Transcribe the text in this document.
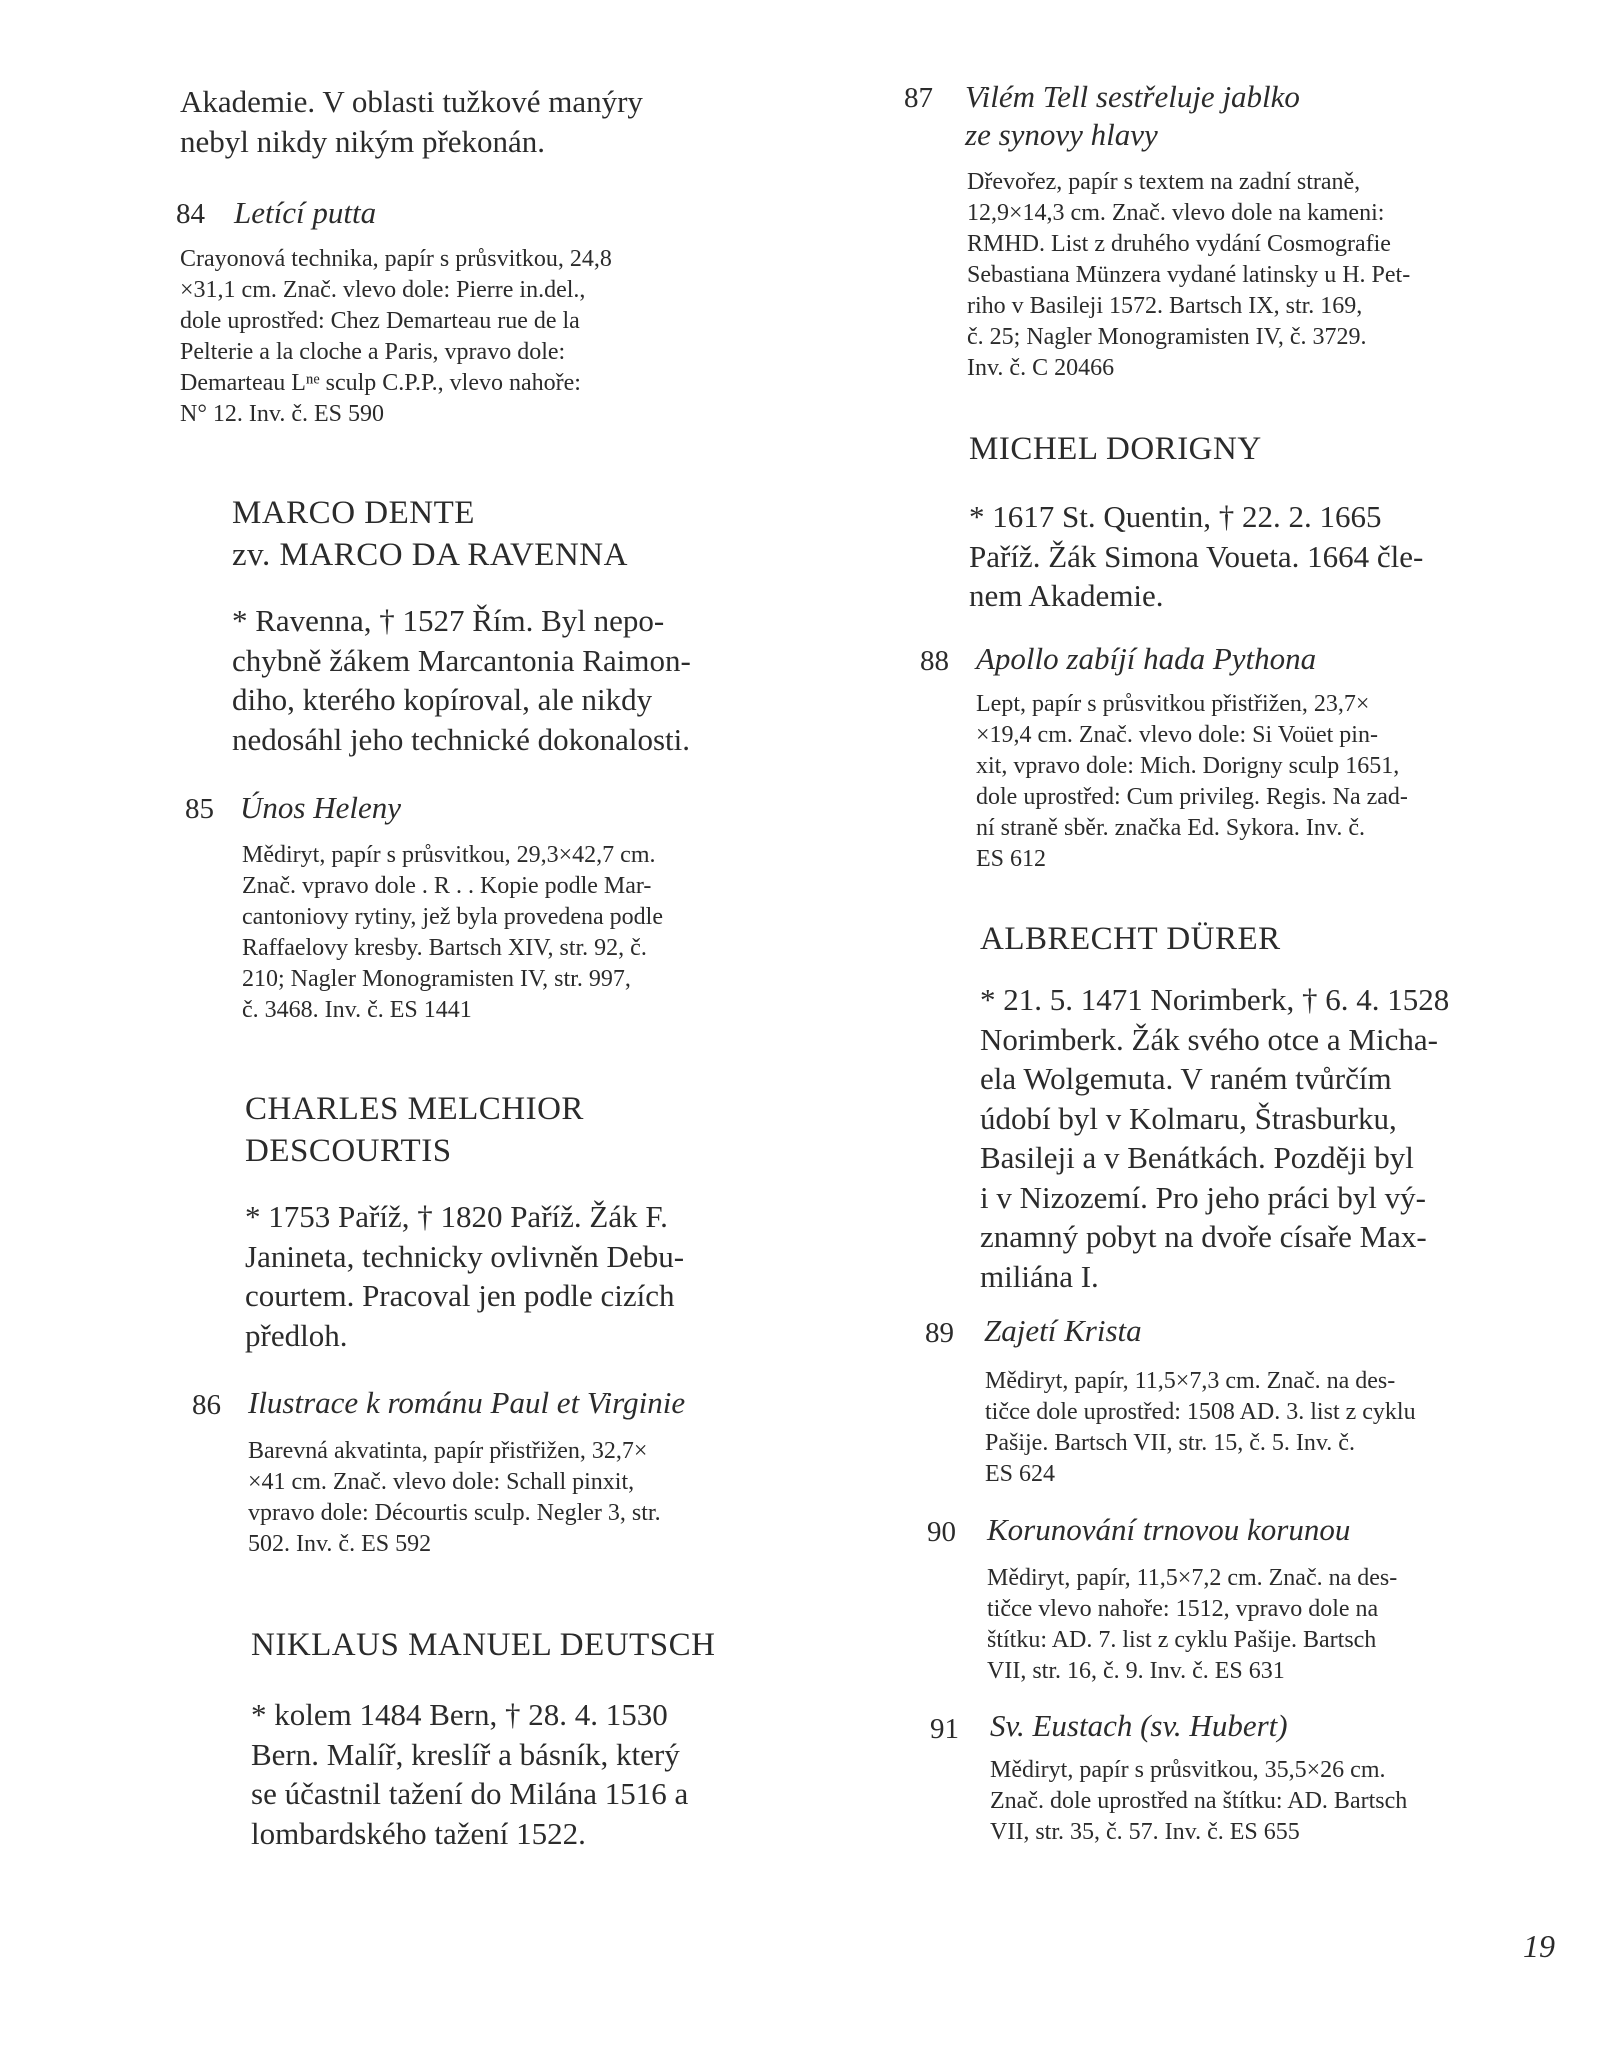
Akademie. V oblasti tužkové manýry
nebyl nikdy nikým překonán.
84 Letící putta
Crayonová technika, papír s průsvitkou, 24,8
×31,1 cm. Znač. vlevo dole: Pierre in.del.,
dole uprostřed: Chez Demarteau rue de la
Pelterie a la cloche a Paris, vpravo dole:
Demarteau Lⁿᵉ sculp C.P.P., vlevo nahoře:
N° 12. Inv. č. ES 590
MARCO DENTE
zv. MARCO DA RAVENNA
* Ravenna, † 1527 Řím. Byl nepo-
chybně žákem Marcantonia Raimon-
diho, kterého kopíroval, ale nikdy
nedosáhl jeho technické dokonalosti.
85 Únos Heleny
Mědiryt, papír s průsvitkou, 29,3×42,7 cm.
Znač. vpravo dole . R . . Kopie podle Mar-
cantoniovy rytiny, jež byla provedena podle
Raffaelovy kresby. Bartsch XIV, str. 92, č.
210; Nagler Monogramisten IV, str. 997,
č. 3468. Inv. č. ES 1441
CHARLES MELCHIOR
DESCOURTIS
* 1753 Paříž, † 1820 Paříž. Žák F.
Janineta, technicky ovlivněn Debu-
courtem. Pracoval jen podle cizích
předloh.
86 Ilustrace k románu Paul et Virginie
Barevná akvatinta, papír přistřižen, 32,7×
×41 cm. Znač. vlevo dole: Schall pinxit,
vpravo dole: Décourtis sculp. Negler 3, str.
502. Inv. č. ES 592
NIKLAUS MANUEL DEUTSCH
* kolem 1484 Bern, † 28. 4. 1530
Bern. Malíř, kreslíř a básník, který
se účastnil tažení do Milána 1516 a
lombardského tažení 1522.
87 Vilém Tell sestřeluje jablko
ze synovy hlavy
Dřevořez, papír s textem na zadní straně,
12,9×14,3 cm. Znač. vlevo dole na kameni:
RMHD. List z druhého vydání Cosmografie
Sebastiana Münzera vydané latinsky u H. Pet-
riho v Basileji 1572. Bartsch IX, str. 169,
č. 25; Nagler Monogramisten IV, č. 3729.
Inv. č. C 20466
MICHEL DORIGNY
* 1617 St. Quentin, † 22. 2. 1665
Paříž. Žák Simona Voueta. 1664 čle-
nem Akademie.
88 Apollo zabíjí hada Pythona
Lept, papír s průsvitkou přistřižen, 23,7×
×19,4 cm. Znač. vlevo dole: Si Voüet pin-
xit, vpravo dole: Mich. Dorigny sculp 1651,
dole uprostřed: Cum privileg. Regis. Na zad-
ní straně sběr. značka Ed. Sykora. Inv. č.
ES 612
ALBRECHT DÜRER
* 21. 5. 1471 Norimberk, † 6. 4. 1528
Norimberk. Žák svého otce a Micha-
ela Wolgemuta. V raném tvůrčím
údobí byl v Kolmaru, Štrasburku,
Basileji a v Benátkách. Později byl
i v Nizozemí. Pro jeho práci byl vý-
znamný pobyt na dvoře císaře Max-
miliána I.
89 Zajetí Krista
Mědiryt, papír, 11,5×7,3 cm. Znač. na des-
tičce dole uprostřed: 1508 AD. 3. list z cyklu
Pašije. Bartsch VII, str. 15, č. 5. Inv. č.
ES 624
90 Korunování trnovou korunou
Mědiryt, papír, 11,5×7,2 cm. Znač. na des-
tičce vlevo nahoře: 1512, vpravo dole na
štítku: AD. 7. list z cyklu Pašije. Bartsch
VII, str. 16, č. 9. Inv. č. ES 631
91 Sv. Eustach (sv. Hubert)
Mědiryt, papír s průsvitkou, 35,5×26 cm.
Znač. dole uprostřed na štítku: AD. Bartsch
VII, str. 35, č. 57. Inv. č. ES 655
19
